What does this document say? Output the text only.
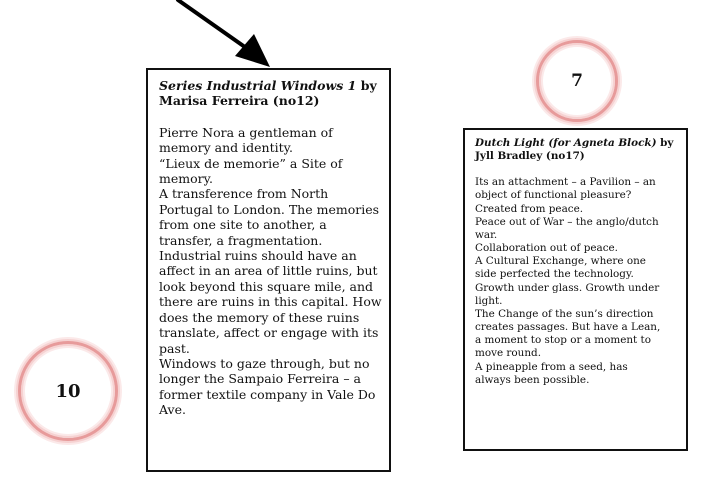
10
7

Series Industrial Windows 1 by
Marisa Ferreira (no12)

Pierre Nora a gentleman of
memory and identity.
“Lieux de memorie” a Site of
memory.
A transference from North
Portugal to London. The memories
from one site to another, a
transfer, a fragmentation.
Industrial ruins should have an
affect in an area of little ruins, but
look beyond this square mile, and
there are ruins in this capital. How
does the memory of these ruins
translate, affect or engage with its
past.
Windows to gaze through, but no
longer the Sampaio Ferreira – a
former textile company in Vale Do
Ave.

Dutch Light (for Agneta Block) by
Jyll Bradley (no17)

Its an attachment – a Pavilion – an
object of functional pleasure?
Created from peace.
Peace out of War – the anglo/dutch
war.
Collaboration out of peace.
A Cultural Exchange, where one
side perfected the technology.
Growth under glass. Growth under
light.
The Change of the sun’s direction
creates passages. But have a Lean,
a moment to stop or a moment to
move round.
A pineapple from a seed, has
always been possible.
